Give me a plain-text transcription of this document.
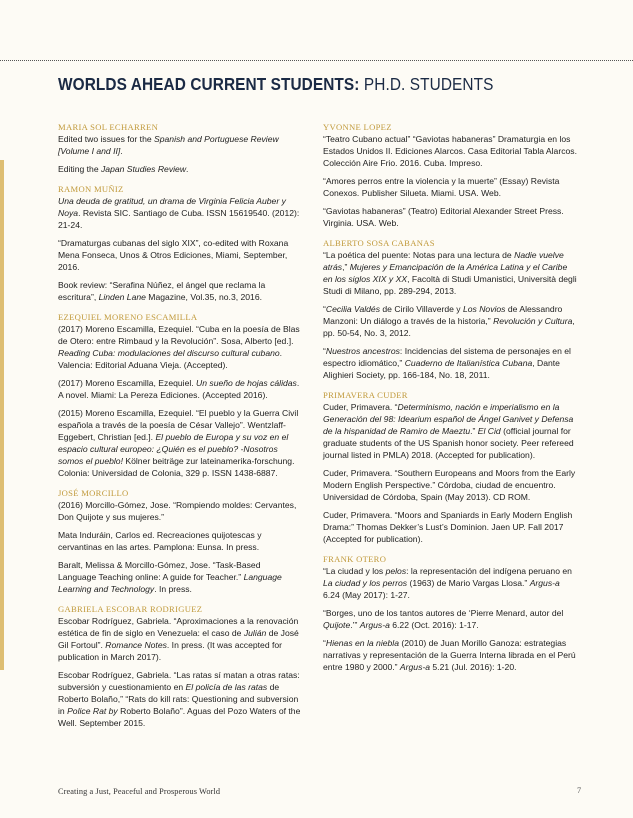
WORLDS AHEAD CURRENT STUDENTS: PH.D. STUDENTS
MARIA SOL ECHARREN
Edited two issues for the Spanish and Portuguese Review [Volume I and II].
Editing the Japan Studies Review.
RAMON MUÑIZ
Una deuda de gratitud, un drama de Virginia Felicia Auber y Noya. Revista SIC. Santiago de Cuba. ISSN 15619540. (2012): 21-24.
“Dramaturgas cubanas del siglo XIX”, co-edited with Roxana Mena Fonseca, Unos & Otros Ediciones, Miami, September, 2016.
Book review: “Serafina Núñez, el ángel que reclama la escritura”, Linden Lane Magazine, Vol.35, no.3, 2016.
EZEQUIEL MORENO ESCAMILLA
(2017) Moreno Escamilla, Ezequiel. “Cuba en la poesía de Blas de Otero: entre Rimbaud y la Revolución”. Sosa, Alberto [ed.]. Reading Cuba: modulaciones del discurso cultural cubano. Valencia: Editorial Aduana Vieja. (Accepted).
(2017) Moreno Escamilla, Ezequiel. Un sueño de hojas cálidas. A novel. Miami: La Pereza Ediciones. (Accepted 2016).
(2015) Moreno Escamilla, Ezequiel. “El pueblo y la Guerra Civil española a través de la poesía de César Vallejo”. Wentzlaff-Eggebert, Christian [ed.]. El pueblo de Europa y su voz en el espacio cultural europeo: ¿Quién es el pueblo? -Nosotros somos el pueblo! Kölner beiträge zur lateinamerika-forschung. Colonia: Universidad de Colonia, 329 p. ISSN 1438-6887.
JOSÉ MORCILLO
(2016) Morcillo-Gómez, Jose. “Rompiendo moldes: Cervantes, Don Quijote y sus mujeres.”
Mata Induráin, Carlos ed. Recreaciones quijotescas y cervantinas en las artes. Pamplona: Eunsa. In press.
Baralt, Melissa & Morcillo-Gómez, Jose. “Task-Based Language Teaching online: A guide for Teacher.” Language Learning and Technology. In press.
GABRIELA ESCOBAR RODRIGUEZ
Escobar Rodríguez, Gabriela. “Aproximaciones a la renovación estética de fin de siglo en Venezuela: el caso de Julián de José Gil Fortoul”. Romance Notes. In press. (It was accepted for publication in March 2017).
Escobar Rodríguez, Gabriela. “Las ratas sí matan a otras ratas: subversión y cuestionamiento en El policía de las ratas de Roberto Bolaño,” “Rats do kill rats: Questioning and subversion in Police Rat by Roberto Bolaño”. Aguas del Pozo Waters of the Well. September 2015.
YVONNE LOPEZ
“Teatro Cubano actual” “Gaviotas habaneras” Dramaturgia en los Estados Unidos II. Ediciones Alarcos. Casa Editorial Tabla Alarcos. Colección Aire Frio. 2016. Cuba. Impreso.
“Amores perros entre la violencia y la muerte” (Essay) Revista Conexos. Publisher Silueta. Miami. USA. Web.
“Gaviotas habaneras” (Teatro) Editorial Alexander Street Press. Virginia. USA. Web.
ALBERTO SOSA CABANAS
“La poética del puente: Notas para una lectura de Nadie vuelve atrás,” Mujeres y Emancipación de la América Latina y el Caribe en los siglos XIX y XX, Facoltà di Studi Umanistici, Università degli Studi di Milano, pp. 289-294, 2013.
“Cecilia Valdés de Cirilo Villaverde y Los Novios de Alessandro Manzoni: Un diálogo a través de la historia,” Revolución y Cultura, pp. 50-54, No. 3, 2012.
“Nuestros ancestros: Incidencias del sistema de personajes en el espectro idiomático,” Cuaderno de Italianística Cubana, Dante Alighieri Society, pp. 166-184, No. 18, 2011.
PRIMAVERA CUDER
Cuder, Primavera. “Determinismo, nación e imperialismo en la Generación del 98: Idearium español de Ángel Ganivet y Defensa de la hispanidad de Ramiro de Maeztu.” El Cid (official journal for graduate students of the US Spanish honor society. Peer refereed journal listed in PMLA) 2018. (Accepted for publication).
Cuder, Primavera. “Southern Europeans and Moors from the Early Modern English Perspective.” Córdoba, ciudad de encuentro. Universidad de Córdoba, Spain (May 2013). CD ROM.
Cuder, Primavera. “Moors and Spaniards in Early Modern English Drama:” Thomas Dekker’s Lust’s Dominion. Jaen UP. Fall 2017 (Accepted for publication).
FRANK OTERO
“La ciudad y los pelos: la representación del indígena peruano en La ciudad y los perros (1963) de Mario Vargas Llosa.” Argus-a 6.24 (May 2017): 1-27.
“Borges, uno de los tantos autores de ‘Pierre Menard, autor del Quijote.’” Argus-a 6.22 (Oct. 2016): 1-17.
“Hienas en la niebla (2010) de Juan Morillo Ganoza: estrategias narrativas y representación de la Guerra Interna librada en el Perú entre 1980 y 2000.” Argus-a 5.21 (Jul. 2016): 1-20.
Creating a Just, Peaceful and Prosperous World	7
